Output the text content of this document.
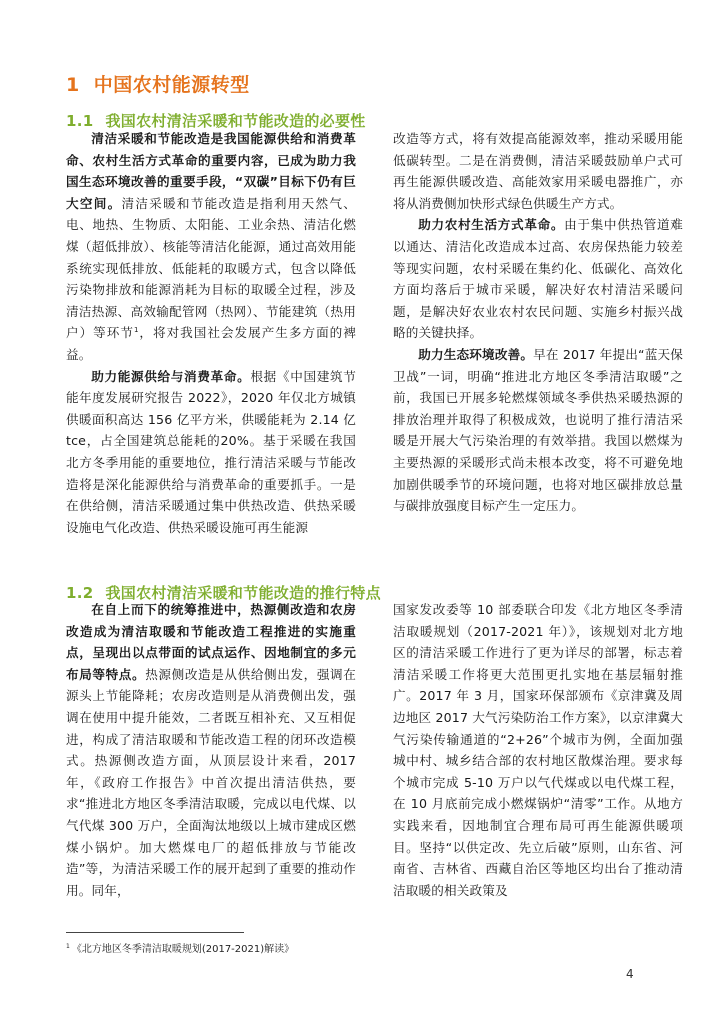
1 中国农村能源转型
1.1 我国农村清洁采暖和节能改造的必要性

清洁采暖和节能改造是我国能源供给和消费革命、农村生活方式革命的重要内容，已成为助力我国生态环境改善的重要手段，“双碳”目标下仍有巨大空间。清洁采暖和节能改造是指利用天然气、电、地热、生物质、太阳能、工业余热、清洁化燃煤（超低排放）、核能等清洁化能源，通过高效用能系统实现低排放、低能耗的取暖方式，包含以降低污染物排放和能源消耗为目标的取暖全过程，涉及清洁热源、高效输配管网（热网）、节能建筑（热用户）等环节$^1$，将对我国社会发展产生多方面的裨益。

助力能源供给与消费革命。根据《中国建筑节能年度发展研究报告 2022》，2020 年仅北方城镇供暖面积高达 156 亿平方米，供暖能耗为 2.14 亿 tce，占全国建筑总能耗的20%。基于采暖在我国北方冬季用能的重要地位，推行清洁采暖与节能改造将是深化能源供给与消费革命的重要抓手。一是在供给侧，清洁采暖通过集中供热改造、供热采暖设施电气化改造、供热采暖设施可再生能源

改造等方式，将有效提高能源效率，推动采暖用能低碳转型。二是在消费侧，清洁采暖鼓励单户式可再生能源供暖改造、高能效家用采暖电器推广，亦将从消费侧加快形式绿色供暖生产方式。

助力农村生活方式革命。由于集中供热管道难以通达、清洁化改造成本过高、农房保热能力较差等现实问题，农村采暖在集约化、低碳化、高效化方面均落后于城市采暖，解决好农村清洁采暖问题，是解决好农业农村农民问题、实施乡村振兴战略的关键抉择。

助力生态环境改善。早在 2017 年提出“蓝天保卫战”一词，明确“推进北方地区冬季清洁取暖”之前，我国已开展多轮燃煤领域冬季供热采暖热源的排放治理并取得了积极成效，也说明了推行清洁采暖是开展大气污染治理的有效举措。我国以燃煤为主要热源的采暖形式尚未根本改变，将不可避免地加剧供暖季节的环境问题，也将对地区碳排放总量与碳排放强度目标产生一定压力。

1.2 我国农村清洁采暖和节能改造的推行特点

在自上而下的统筹推进中，热源侧改造和农房改造成为清洁取暖和节能改造工程推进的实施重点，呈现出以点带面的试点运作、因地制宜的多元布局等特点。热源侧改造是从供给侧出发，强调在源头上节能降耗；农房改造则是从消费侧出发，强调在使用中提升能效，二者既互相补充、又互相促进，构成了清洁取暖和节能改造工程的闭环改造模式。热源侧改造方面，从顶层设计来看，2017 年，《政府工作报告》中首次提出清洁供热，要求“推进北方地区冬季清洁取暖，完成以电代煤、以气代煤 300 万户，全面淘汰地级以上城市建成区燃煤小锅炉。加大燃煤电厂的超低排放与节能改造”等，为清洁采暖工作的展开起到了重要的推动作用。同年，

国家发改委等 10 部委联合印发《北方地区冬季清洁取暖规划（2017-2021 年）》，该规划对北方地区的清洁采暖工作进行了更为详尽的部署，标志着清洁采暖工作将更大范围更扎实地在基层辐射推广。2017 年 3 月，国家环保部颁布《京津冀及周边地区 2017 大气污染防治工作方案》，以京津冀大气污染传输通道的“2+26”个城市为例，全面加强城中村、城乡结合部的农村地区散煤治理。要求每个城市完成 5-10 万户以气代煤或以电代煤工程，在 10 月底前完成小燃煤锅炉“清零”工作。从地方实践来看，因地制宜合理布局可再生能源供暖项目。坚持“以供定改、先立后破”原则，山东省、河南省、吉林省、西藏自治区等地区均出台了推动清洁取暖的相关政策及

$^1$ 《北方地区冬季清洁取暖规划(2017-2021)解读》
4
